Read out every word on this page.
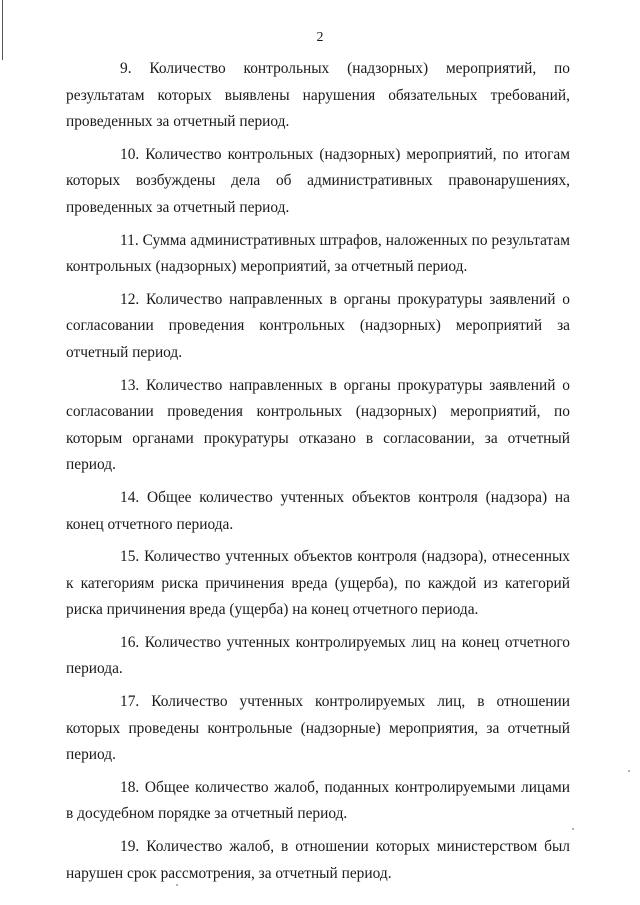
2

9. Количество контрольных (надзорных) мероприятий, по результатам которых выявлены нарушения обязательных требований, проведенных за отчетный период.

10. Количество контрольных (надзорных) мероприятий, по итогам которых возбуждены дела об административных правонарушениях, проведенных за отчетный период.

11. Сумма административных штрафов, наложенных по результатам контрольных (надзорных) мероприятий, за отчетный период.

12. Количество направленных в органы прокуратуры заявлений о согласовании проведения контрольных (надзорных) мероприятий за отчетный период.

13. Количество направленных в органы прокуратуры заявлений о согласовании проведения контрольных (надзорных) мероприятий, по которым органами прокуратуры отказано в согласовании, за отчетный период.

14. Общее количество учтенных объектов контроля (надзора) на конец отчетного периода.

15. Количество учтенных объектов контроля (надзора), отнесенных к категориям риска причинения вреда (ущерба), по каждой из категорий риска причинения вреда (ущерба) на конец отчетного периода.

16. Количество учтенных контролируемых лиц на конец отчетного периода.

17. Количество учтенных контролируемых лиц, в отношении которых проведены контрольные (надзорные) мероприятия, за отчетный период.

18. Общее количество жалоб, поданных контролируемыми лицами в досудебном порядке за отчетный период.

19. Количество жалоб, в отношении которых министерством был нарушен срок рассмотрения, за отчетный период.
